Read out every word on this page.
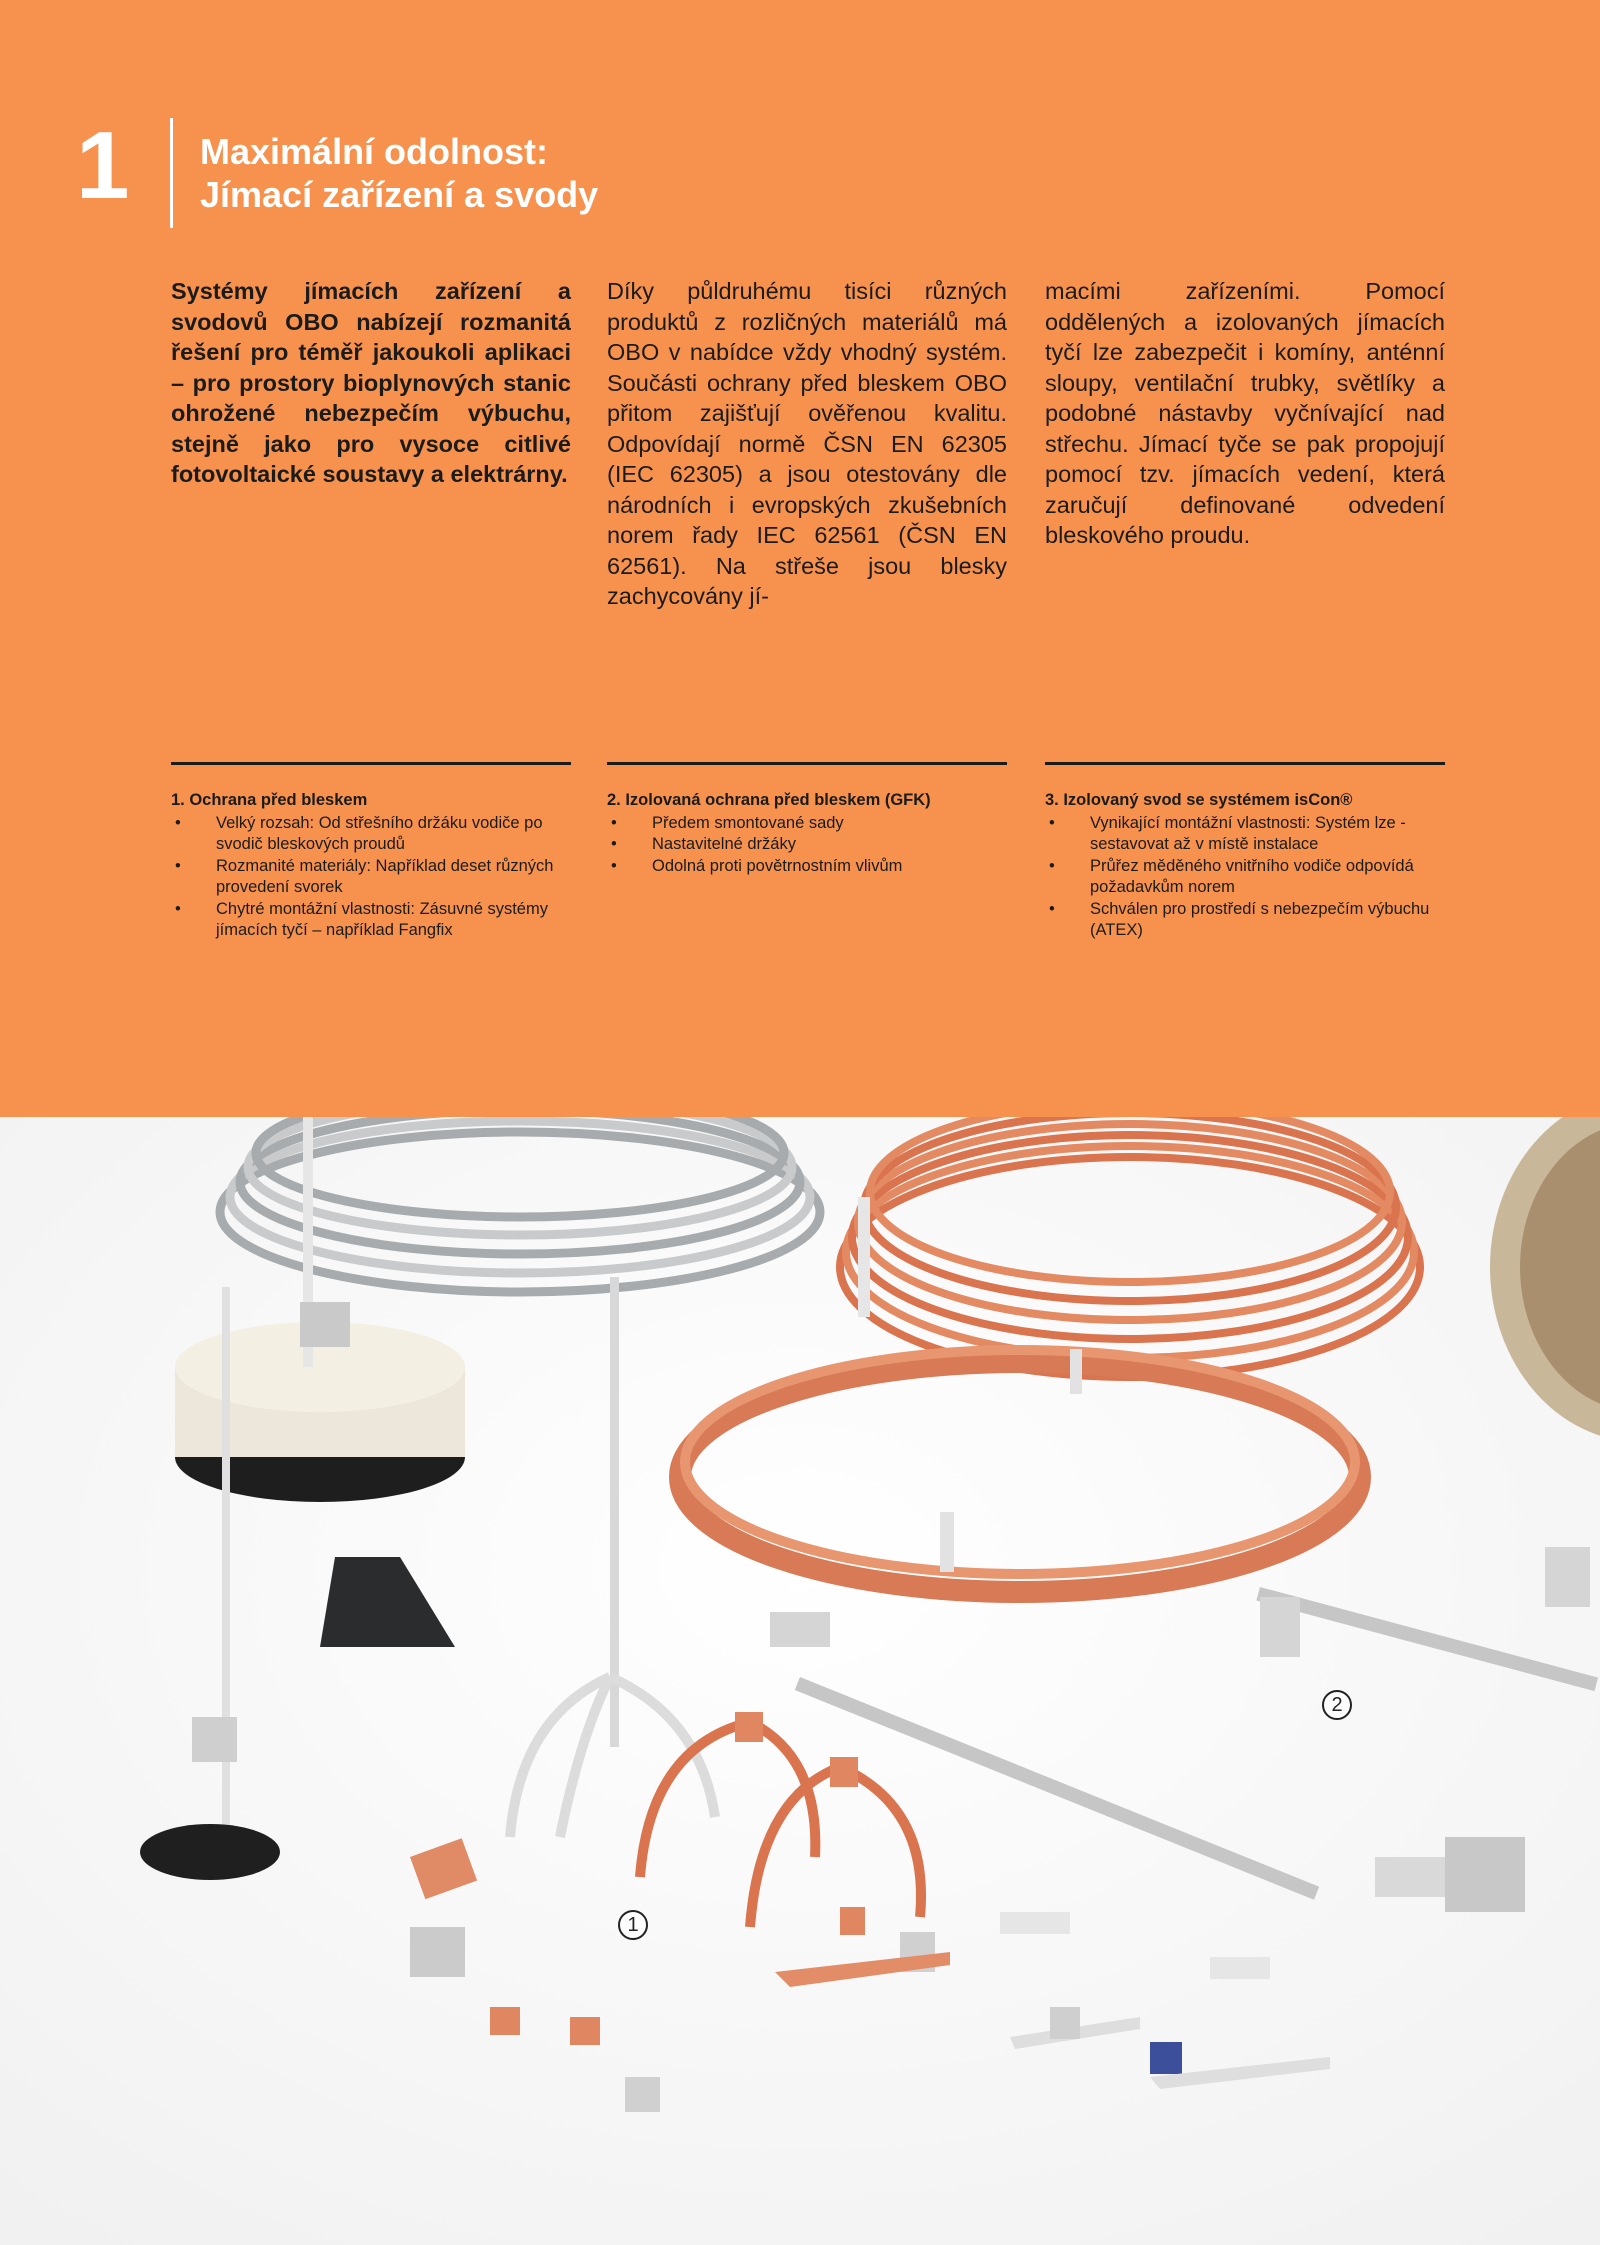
1 Maximální odolnost:
Jímací zařízení a svody
Systémy jímacích zařízení a svodovů OBO nabízejí rozmanitá řešení pro téměř jakoukoli aplikaci – pro prostory bioplynových stanic ohrožené nebezpečím výbuchu, stejně jako pro vysoce citlivé fotovoltaické soustavy a elektrárny.
Díky půldruhému tisíci různých produktů z rozličných materiálů má OBO v nabídce vždy vhodný systém. Součásti ochrany před bleskem OBO přitom zajišťují ověřenou kvalitu. Odpovídají normě ČSN EN 62305 (IEC 62305) a jsou otestovány dle národních i evropských zkušebních norem řady IEC 62561 (ČSN EN 62561). Na střeše jsou blesky zachycovány jí-
macími zařízeními. Pomocí oddělených a izolovaných jímacích tyčí lze zabezpečit i komíny, anténní sloupy, ventilační trubky, světlíky a podobné nástavby vyčnívající nad střechu. Jímací tyče se pak propojují pomocí tzv. jímacích vedení, která zaručují definované odvedení bleskového proudu.
1. Ochrana před bleskem
• Velký rozsah: Od střešního držáku vodiče po svodič bleskových proudů
• Rozmanité materiály: Například deset různých provedení svorek
• Chytré montážní vlastnosti: Zásuvné systémy jímacích tyčí – například Fangfix
2. Izolovaná ochrana před bleskem (GFK)
• Předem smontované sady
• Nastavitelné držáky
• Odolná proti povětrnostním vlivům
3. Izolovaný svod se systémem isCon®
• Vynikající montážní vlastnosti: Systém lze - sestavovat až v místě instalace
• Průřez měděného vnitřního vodiče odpovídá požadavkům norem
• Schválen pro prostředí s nebezpečím výbuchu (ATEX)
1
2
